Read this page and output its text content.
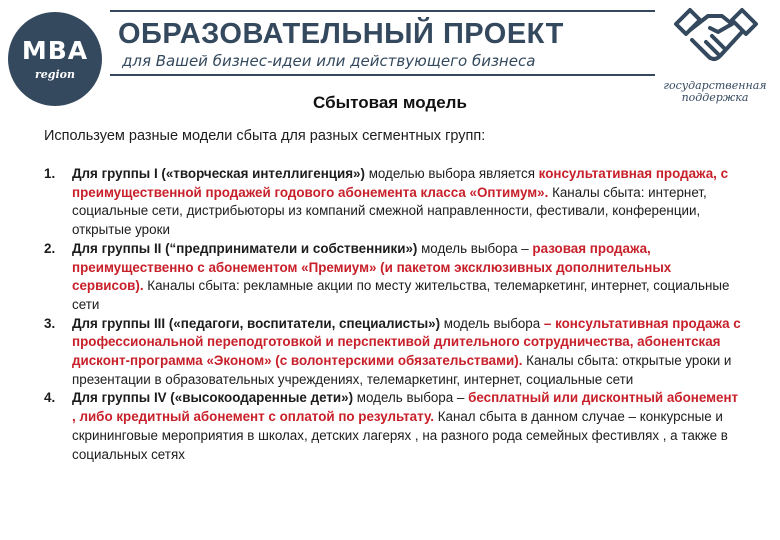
MBA
region
ОБРАЗОВАТЕЛЬНЫЙ ПРОЕКТ
для Вашей бизнес-идеи или действующего бизнеса
государственная
поддержка
Сбытовая модель
Используем разные модели сбыта для разных сегментных групп:
1. Для группы I («творческая интеллигенция») моделью выбора является консультативная продажа, с преимущественной продажей годового абонемента класса «Оптимум». Каналы сбыта: интернет, социальные сети, дистрибьюторы из компаний смежной направленности, фестивали, конференции, открытые уроки
2. Для группы II (“предприниматели и собственники») модель выбора – разовая продажа, преимущественно с абонементом «Премиум» (и пакетом эксклюзивных дополнительных сервисов). Каналы сбыта: рекламные акции по месту жительства, телемаркетинг, интернет, социальные сети
3. Для группы III («педагоги, воспитатели, специалисты») модель выбора – консультативная продажа с профессиональной переподготовкой и перспективой длительного сотрудничества, абонентская дисконт-программа «Эконом» (с волонтерскими обязательствами). Каналы сбыта: открытые уроки и презентации в образовательных учреждениях, телемаркетинг, интернет, социальные сети
4. Для группы IV («высокоодаренные дети») модель выбора – бесплатный или дисконтный абонемент , либо кредитный абонемент с оплатой по результату. Канал сбыта в данном случае – конкурсные и скрининговые мероприятия в школах, детских лагерях , на разного рода семейных фестивлях , а также в социальных сетях
